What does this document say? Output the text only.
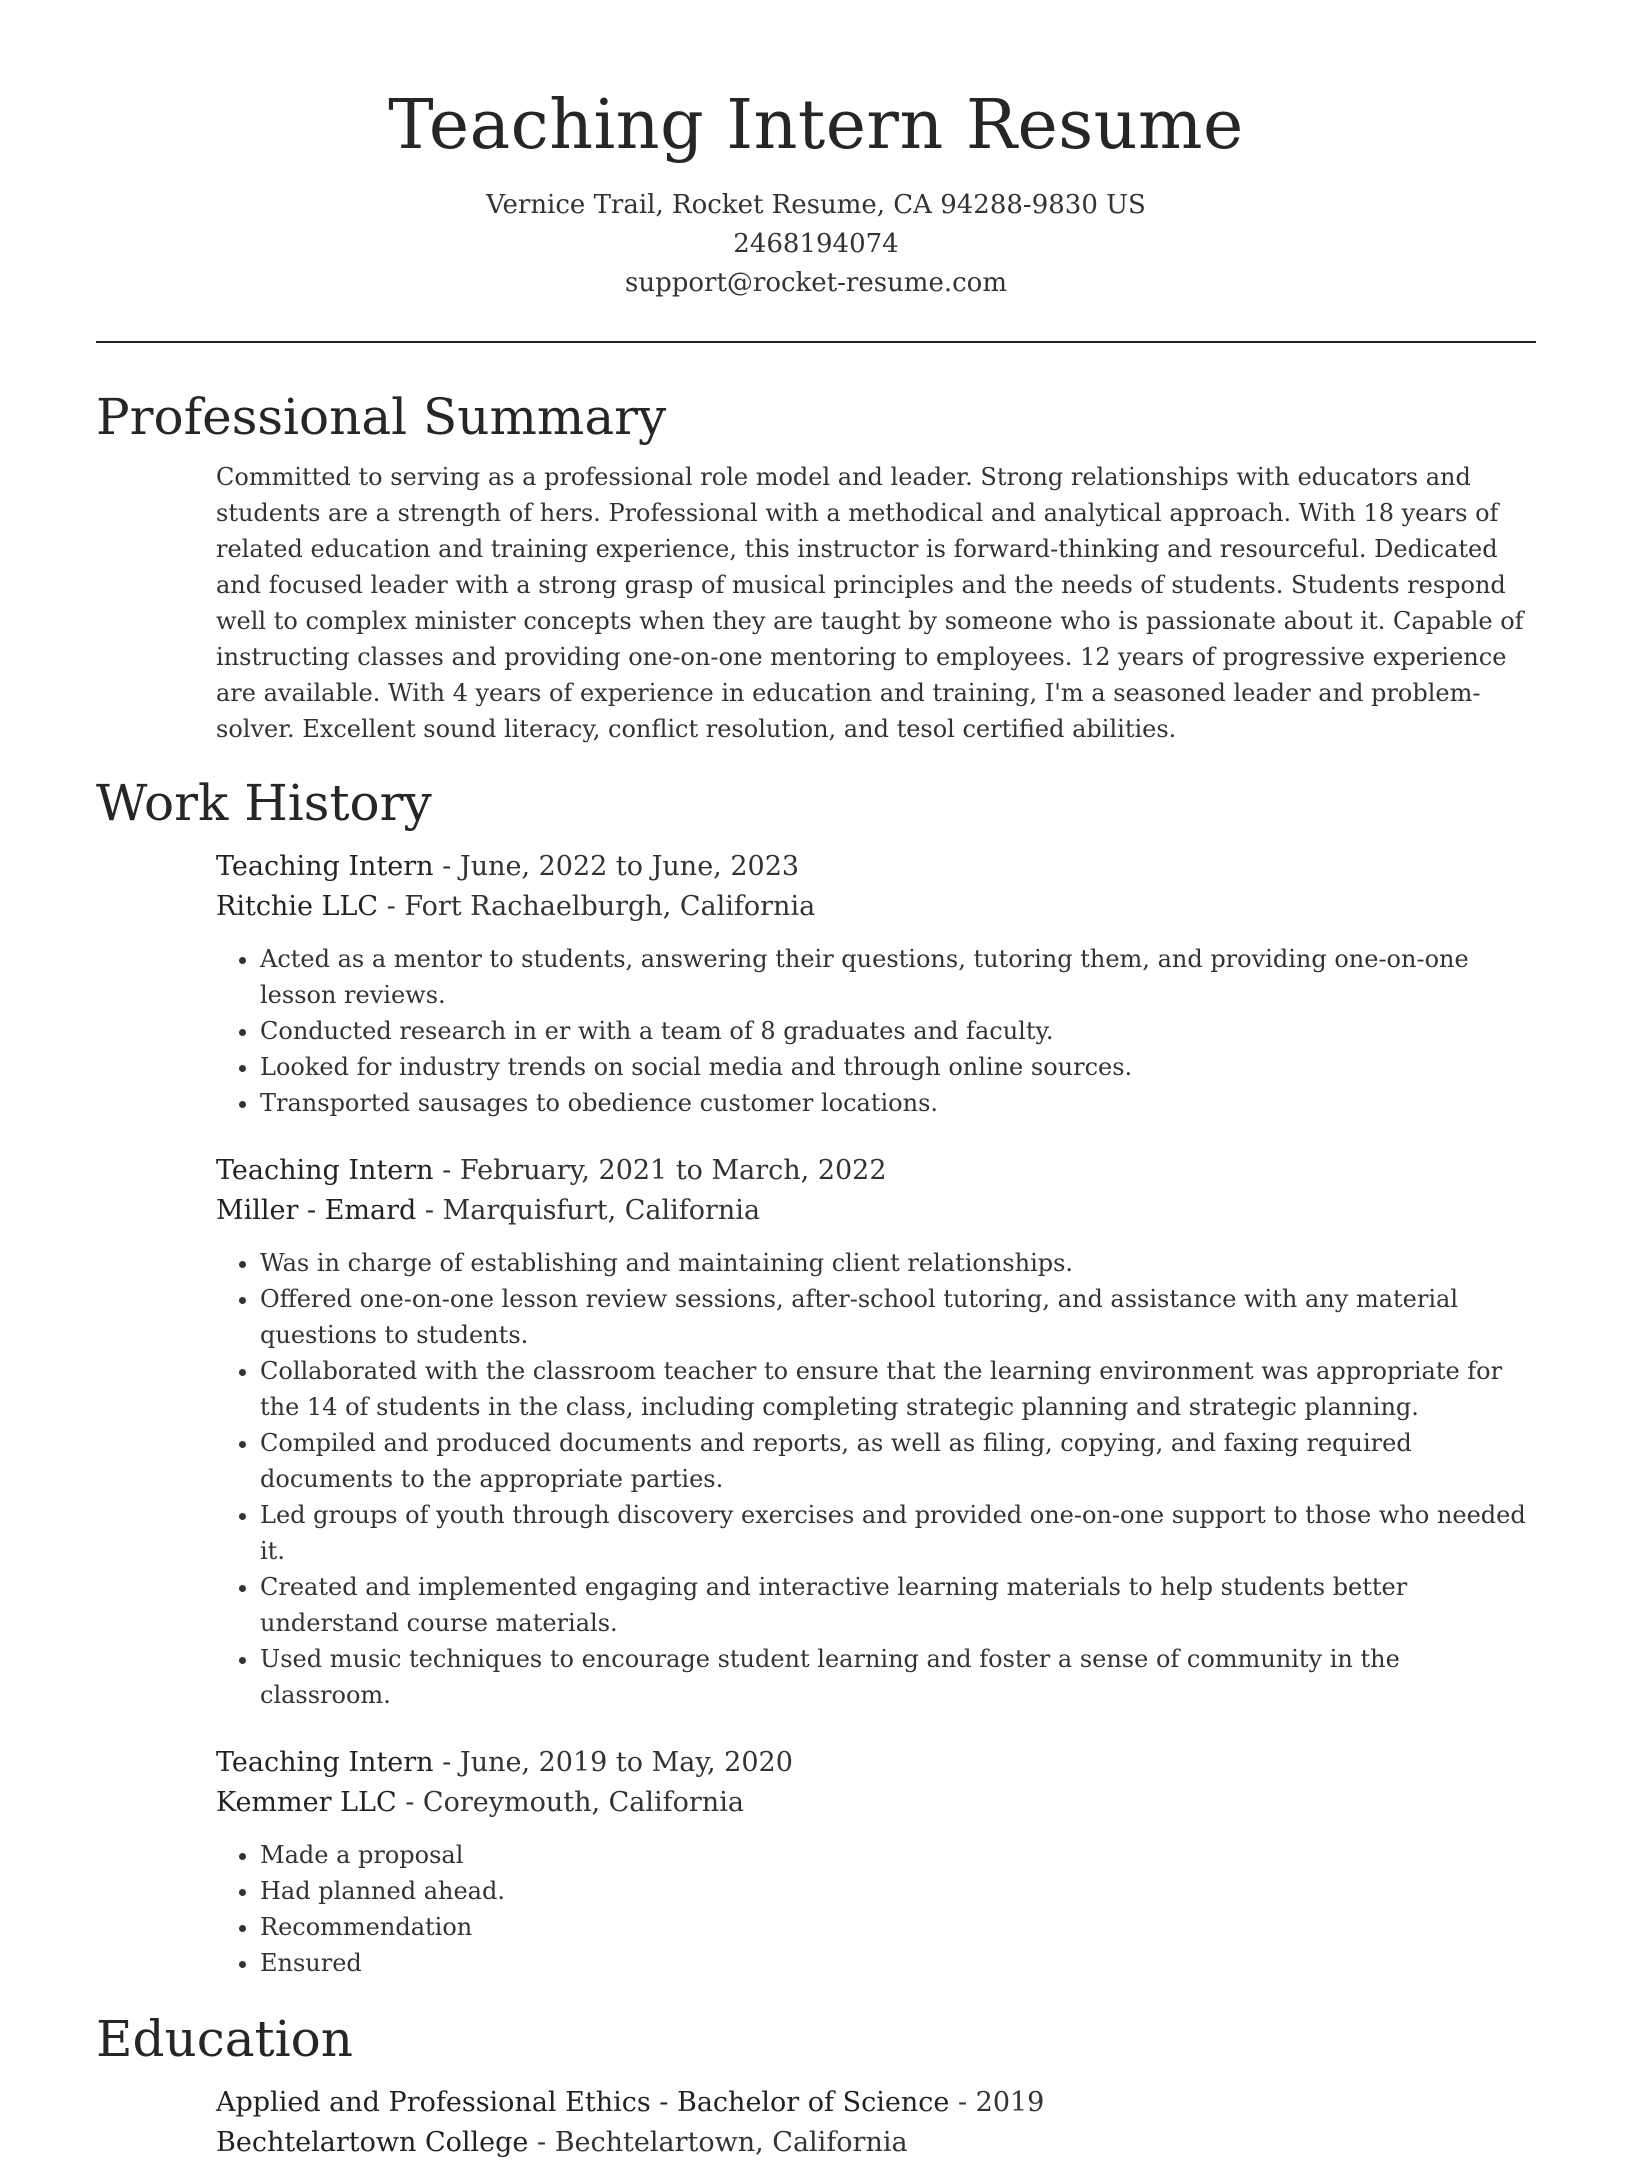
Teaching Intern Resume
Vernice Trail, Rocket Resume, CA 94288-9830 US
2468194074
support@rocket-resume.com
Professional Summary

Committed to serving as a professional role model and leader. Strong relationships with educators and students are a strength of hers. Professional with a methodical and analytical approach. With 18 years of related education and training experience, this instructor is forward-thinking and resourceful. Dedicated and focused leader with a strong grasp of musical principles and the needs of students. Students respond well to complex minister concepts when they are taught by someone who is passionate about it. Capable of instructing classes and providing one-on-one mentoring to employees. 12 years of progressive experience are available. With 4 years of experience in education and training, I'm a seasoned leader and problem-solver. Excellent sound literacy, conflict resolution, and tesol certified abilities.

Work History
Teaching Intern - June, 2022 to June, 2023
Ritchie LLC - Fort Rachaelburgh, California
• Acted as a mentor to students, answering their questions, tutoring them, and providing one-on-one lesson reviews.
• Conducted research in er with a team of 8 graduates and faculty.
• Looked for industry trends on social media and through online sources.
• Transported sausages to obedience customer locations.
Teaching Intern - February, 2021 to March, 2022
Miller - Emard - Marquisfurt, California
• Was in charge of establishing and maintaining client relationships.
• Offered one-on-one lesson review sessions, after-school tutoring, and assistance with any material questions to students.
• Collaborated with the classroom teacher to ensure that the learning environment was appropriate for the 14 of students in the class, including completing strategic planning and strategic planning.
• Compiled and produced documents and reports, as well as filing, copying, and faxing required documents to the appropriate parties.
• Led groups of youth through discovery exercises and provided one-on-one support to those who needed it.
• Created and implemented engaging and interactive learning materials to help students better understand course materials.
• Used music techniques to encourage student learning and foster a sense of community in the classroom.
Teaching Intern - June, 2019 to May, 2020
Kemmer LLC - Coreymouth, California
• Made a proposal
• Had planned ahead.
• Recommendation
• Ensured
Education
Applied and Professional Ethics - Bachelor of Science - 2019
Bechtelartown College - Bechtelartown, California
